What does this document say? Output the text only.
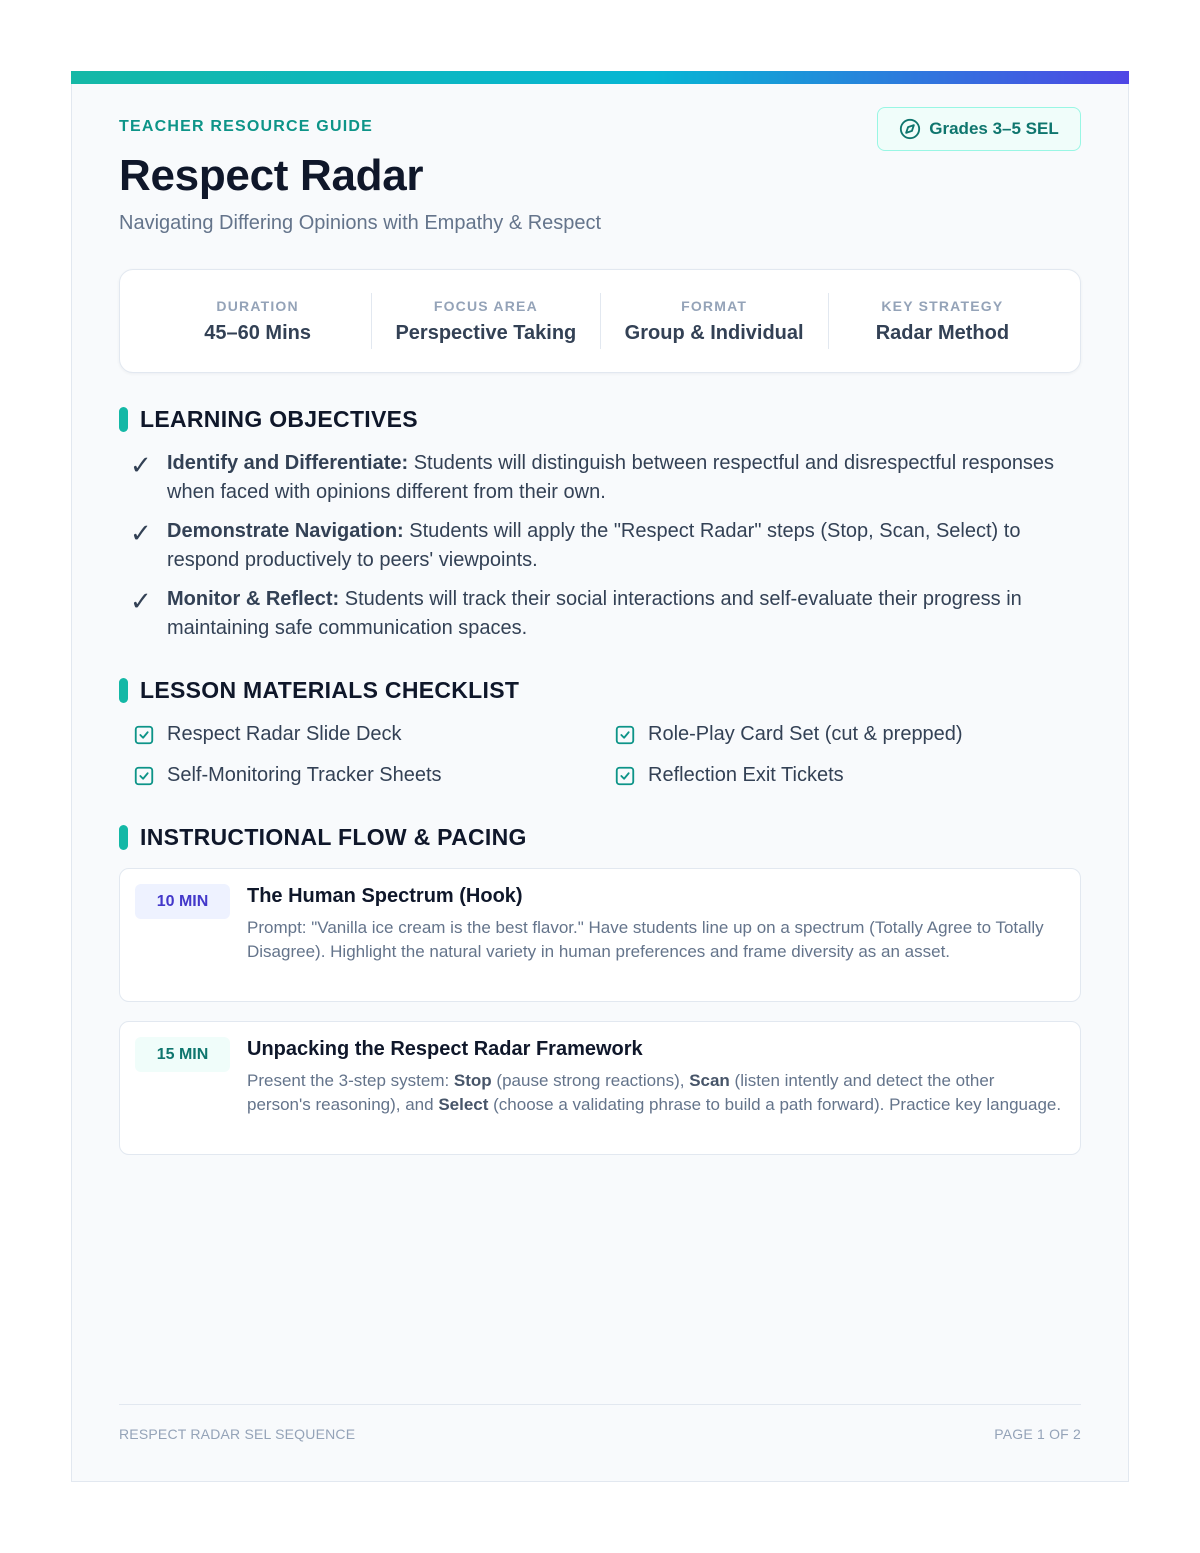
TEACHER RESOURCE GUIDE	Grades 3–5 SEL
Respect Radar
Navigating Differing Opinions with Empathy & Respect
DURATION
45–60 Mins
FOCUS AREA
Perspective Taking
FORMAT
Group & Individual
KEY STRATEGY
Radar Method
LEARNING OBJECTIVES
✓ Identify and Differentiate: Students will distinguish between respectful and disrespectful responses when faced with opinions different from their own.
✓ Demonstrate Navigation: Students will apply the "Respect Radar" steps (Stop, Scan, Select) to respond productively to peers' viewpoints.
✓ Monitor & Reflect: Students will track their social interactions and self-evaluate their progress in maintaining safe communication spaces.
LESSON MATERIALS CHECKLIST
Respect Radar Slide Deck	Role-Play Card Set (cut & prepped)
Self-Monitoring Tracker Sheets	Reflection Exit Tickets
INSTRUCTIONAL FLOW & PACING
10 MIN	The Human Spectrum (Hook)
Prompt: "Vanilla ice cream is the best flavor." Have students line up on a spectrum (Totally Agree to Totally Disagree). Highlight the natural variety in human preferences and frame diversity as an asset.
15 MIN	Unpacking the Respect Radar Framework
Present the 3-step system: Stop (pause strong reactions), Scan (listen intently and detect the other person's reasoning), and Select (choose a validating phrase to build a path forward). Practice key language.
RESPECT RADAR SEL SEQUENCE	PAGE 1 OF 2
